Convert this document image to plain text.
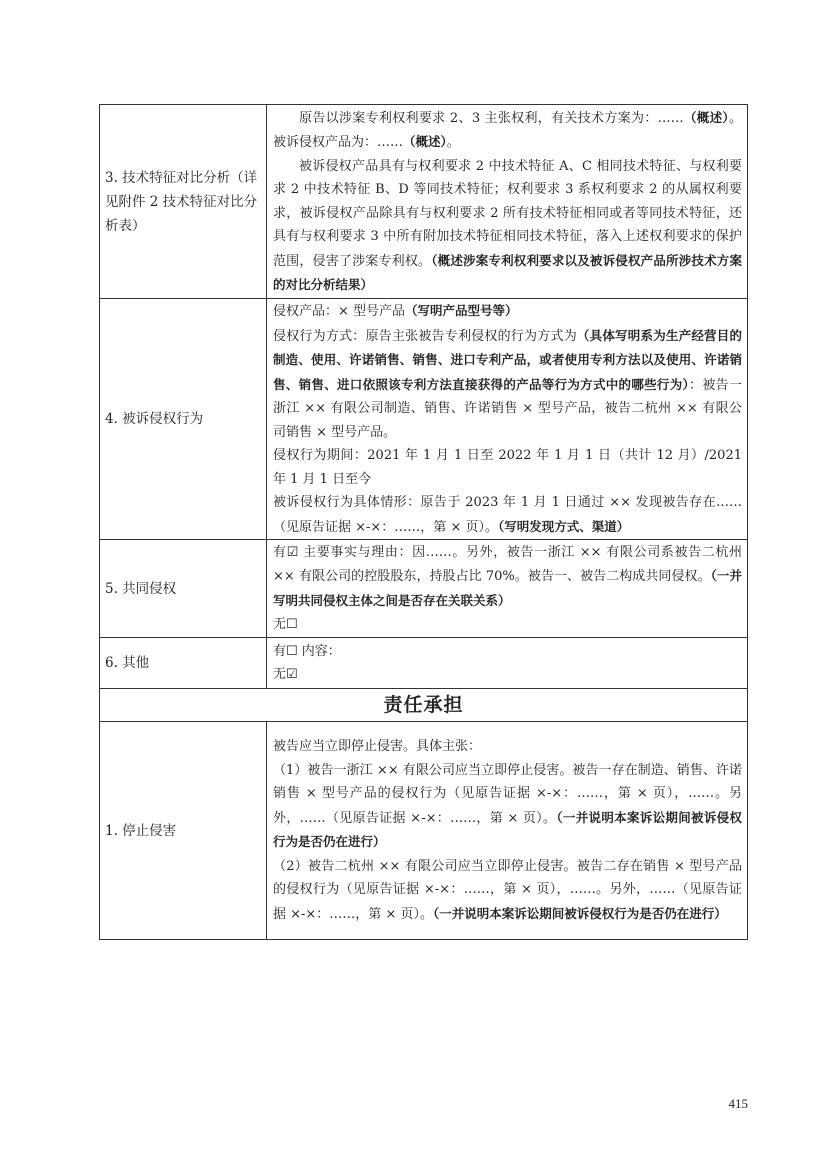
3. 技术特征对比分析（详见附件 2 技术特征对比分析表）	原告以涉案专利权利要求 2、3 主张权利，有关技术方案为：……（概述）。被诉侵权产品为：……（概述）。

被诉侵权产品具有与权利要求 2 中技术特征 A、C 相同技术特征、与权利要求 2 中技术特征 B、D 等同技术特征；权利要求 3 系权利要求 2 的从属权利要求，被诉侵权产品除具有与权利要求 2 所有技术特征相同或者等同技术特征，还具有与权利要求 3 中所有附加技术特征相同技术特征，落入上述权利要求的保护范围，侵害了涉案专利权。（概述涉案专利权利要求以及被诉侵权产品所涉技术方案的对比分析结果）

4. 被诉侵权行为	侵权产品：× 型号产品（写明产品型号等）

侵权行为方式：原告主张被告专利侵权的行为方式为（具体写明系为生产经营目的制造、使用、许诺销售、销售、进口专利产品，或者使用专利方法以及使用、许诺销售、销售、进口依照该专利方法直接获得的产品等行为方式中的哪些行为）：被告一浙江 ×× 有限公司制造、销售、许诺销售 × 型号产品，被告二杭州 ×× 有限公司销售 × 型号产品。

侵权行为期间：2021 年 1 月 1 日至 2022 年 1 月 1 日（共计 12 月）/2021 年 1 月 1 日至今

被诉侵权行为具体情形：原告于 2023 年 1 月 1 日通过 ×× 发现被告存在……（见原告证据 ×-×：……，第 × 页）。（写明发现方式、渠道）

5. 共同侵权	有☑ 主要事实与理由：因……。另外，被告一浙江 ×× 有限公司系被告二杭州 ×× 有限公司的控股股东，持股占比 70%。被告一、被告二构成共同侵权。（一并写明共同侵权主体之间是否存在关联关系）

无☐

6. 其他	有☐ 内容：

无☑

责任承担	
1. 停止侵害	被告应当立即停止侵害。具体主张：

（1）被告一浙江 ×× 有限公司应当立即停止侵害。被告一存在制造、销售、许诺销售 × 型号产品的侵权行为（见原告证据 ×-×：……，第 × 页），……。另外，……（见原告证据 ×-×：……，第 × 页）。（一并说明本案诉讼期间被诉侵权行为是否仍在进行）

（2）被告二杭州 ×× 有限公司应当立即停止侵害。被告二存在销售 × 型号产品的侵权行为（见原告证据 ×-×：……，第 × 页），……。另外，……（见原告证据 ×-×：……，第 × 页）。（一并说明本案诉讼期间被诉侵权行为是否仍在进行）

415
